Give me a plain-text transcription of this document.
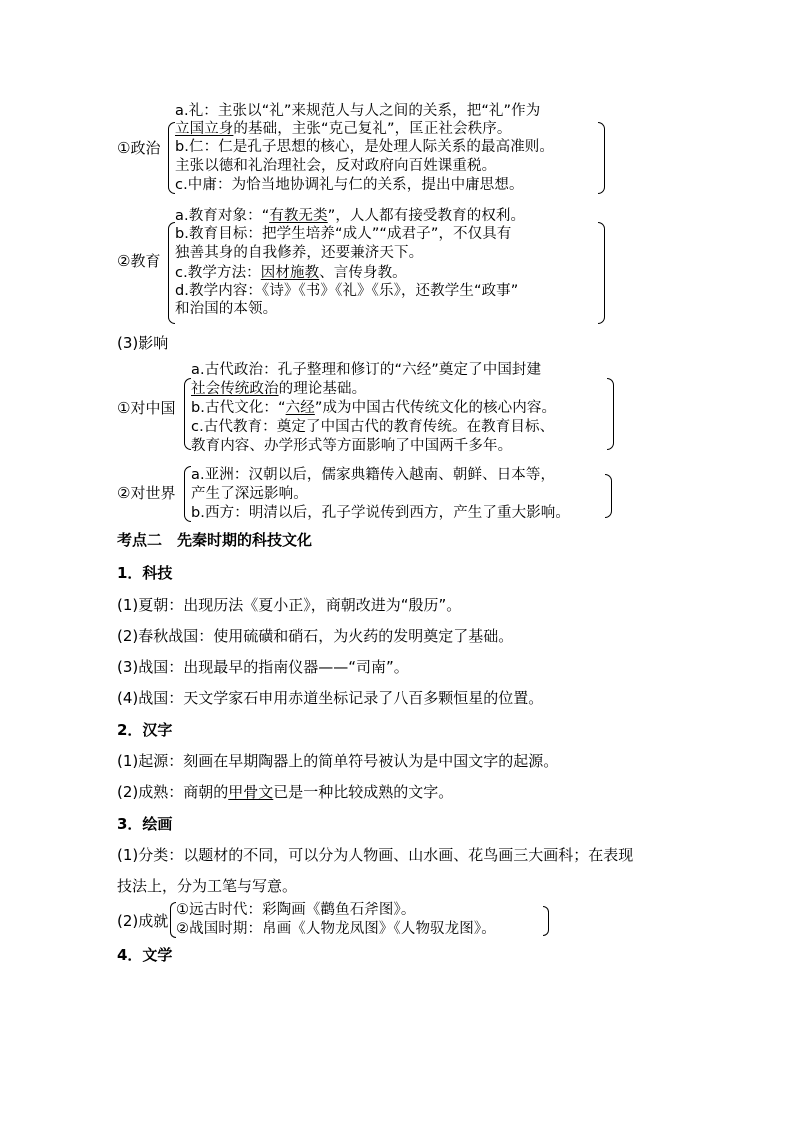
①政治
a.礼：主张以“礼”来规范人与人之间的关系，把“礼”作为
立国立身的基础，主张“克己复礼”，匡正社会秩序。
b.仁：仁是孔子思想的核心，是处理人际关系的最高准则。
主张以德和礼治理社会，反对政府向百姓课重税。
c.中庸：为恰当地协调礼与仁的关系，提出中庸思想。
②教育
a.教育对象：“有教无类”，人人都有接受教育的权利。
b.教育目标：把学生培养“成人”“成君子”，不仅具有
独善其身的自我修养，还要兼济天下。
c.教学方法：因材施教、言传身教。
d.教学内容：《诗》《书》《礼》《乐》，还教学生“政事”
和治国的本领。
(3)影响
①对中国
a.古代政治：孔子整理和修订的“六经”奠定了中国封建
社会传统政治的理论基础。
b.古代文化：“六经”成为中国古代传统文化的核心内容。
c.古代教育：奠定了中国古代的教育传统。在教育目标、
教育内容、办学形式等方面影响了中国两千多年。
②对世界
a.亚洲：汉朝以后，儒家典籍传入越南、朝鲜、日本等，
产生了深远影响。
b.西方：明清以后，孔子学说传到西方，产生了重大影响。
考点二　先秦时期的科技文化
1．科技
(1)夏朝：出现历法《夏小正》，商朝改进为“殷历”。
(2)春秋战国：使用硫磺和硝石，为火药的发明奠定了基础。
(3)战国：出现最早的指南仪器——“司南”。
(4)战国：天文学家石申用赤道坐标记录了八百多颗恒星的位置。
2．汉字
(1)起源：刻画在早期陶器上的简单符号被认为是中国文字的起源。
(2)成熟：商朝的甲骨文已是一种比较成熟的文字。
3．绘画
(1)分类：以题材的不同，可以分为人物画、山水画、花鸟画三大画科；在表现
技法上，分为工笔与写意。
(2)成就
①远古时代：彩陶画《鹳鱼石斧图》。
②战国时期：帛画《人物龙凤图》《人物驭龙图》。
4．文学
